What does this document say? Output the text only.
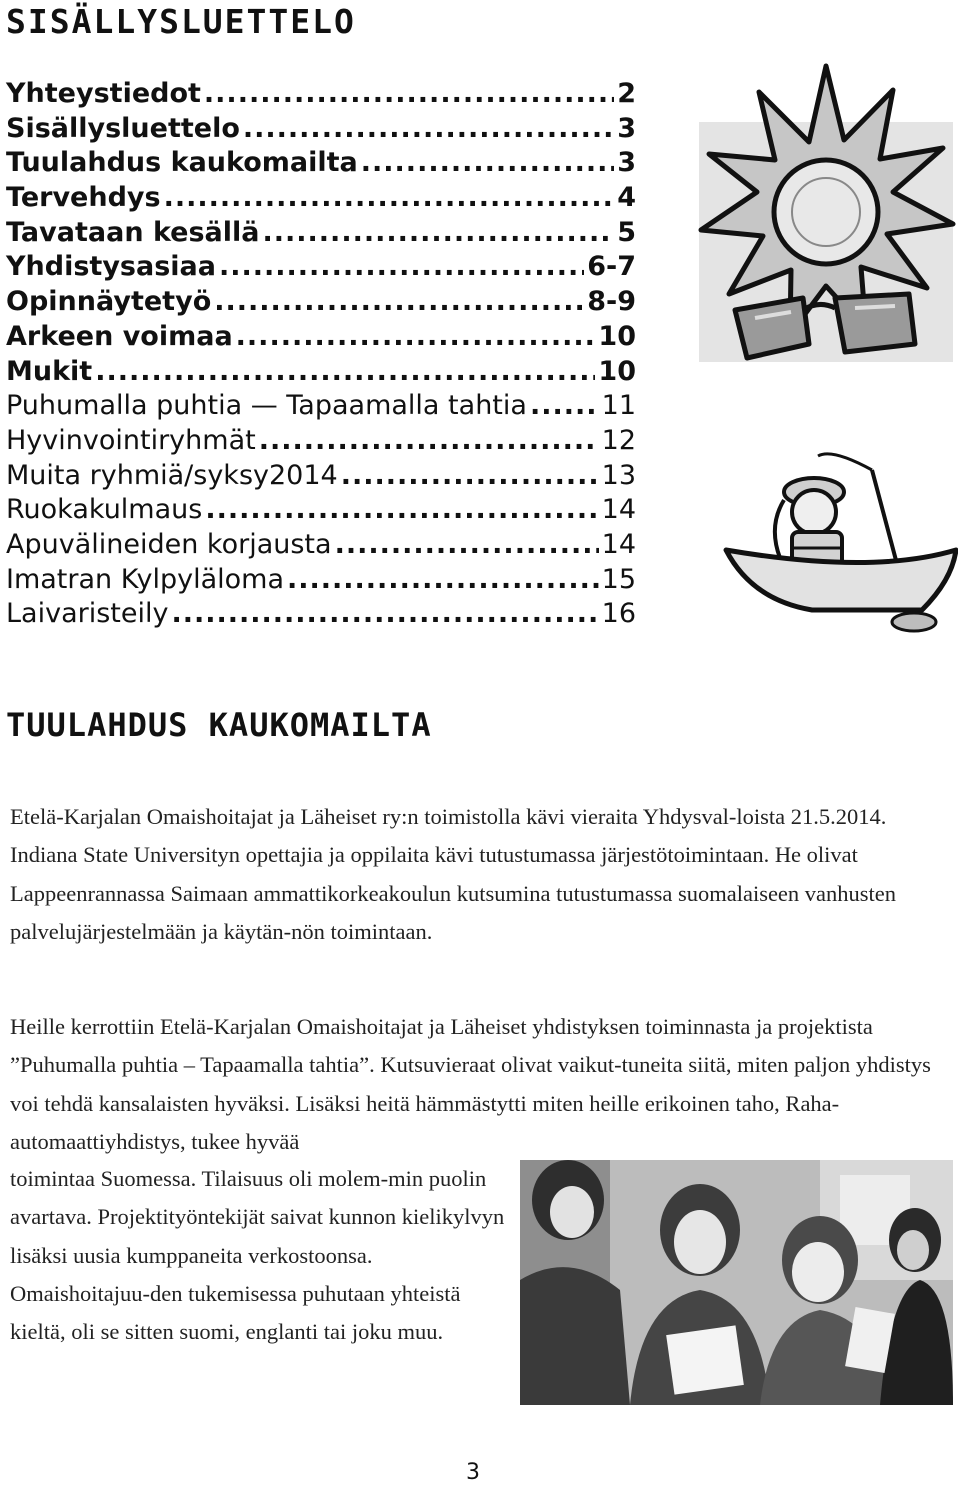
SISÄLLYSLUETTELO
Yhteystiedot .....	2
Sisällysluettelo .....	3
Tuulahdus kaukomailta .....	3
Tervehdys .....	4
Tavataan kesällä .....	5
Yhdistysasiaa .....	6-7
Opinnäytetyö .....	8-9
Arkeen voimaa .....	10
Mukit .....	10
Puhumalla puhtia — Tapaamalla tahtia .....	11
Hyvinvointiryhmät .....	12
Muita ryhmiä/syksy2014 .....	13
Ruokakulmaus .....	14
Apuvälineiden korjausta .....	14
Imatran Kylpyläloma .....	15
Laivaristeily .....	16
TUULAHDUS KAUKOMAILTA

Etelä-Karjalan Omaishoitajat ja Läheiset ry:n toimistolla kävi vieraita Yhdysval-loista 21.5.2014. Indiana State Universityn opettajia ja oppilaita kävi tutustumassa järjestötoimintaan. He olivat Lappeenrannassa Saimaan ammattikorkeakoulun kutsumina tutustumassa suomalaiseen vanhusten palvelujärjestelmään ja käytän-nön toimintaan.

Heille kerrottiin Etelä-Karjalan Omaishoitajat ja Läheiset yhdistyksen toiminnasta ja projektista ”Puhumalla puhtia – Tapaamalla tahtia”. Kutsuvieraat olivat vaikut-tuneita siitä, miten paljon yhdistys voi tehdä kansalaisten hyväksi. Lisäksi heitä hämmästytti miten heille erikoinen taho, Raha-automaattiyhdistys, tukee hyvää

toimintaa Suomessa. Tilaisuus oli molem-min puolin avartava. Projektityöntekijät saivat kunnon kielikylvyn lisäksi uusia kumppaneita verkostoonsa. Omaishoitajuu-den tukemisessa puhutaan yhteistä kieltä, oli se sitten suomi, englanti tai joku muu.

3
